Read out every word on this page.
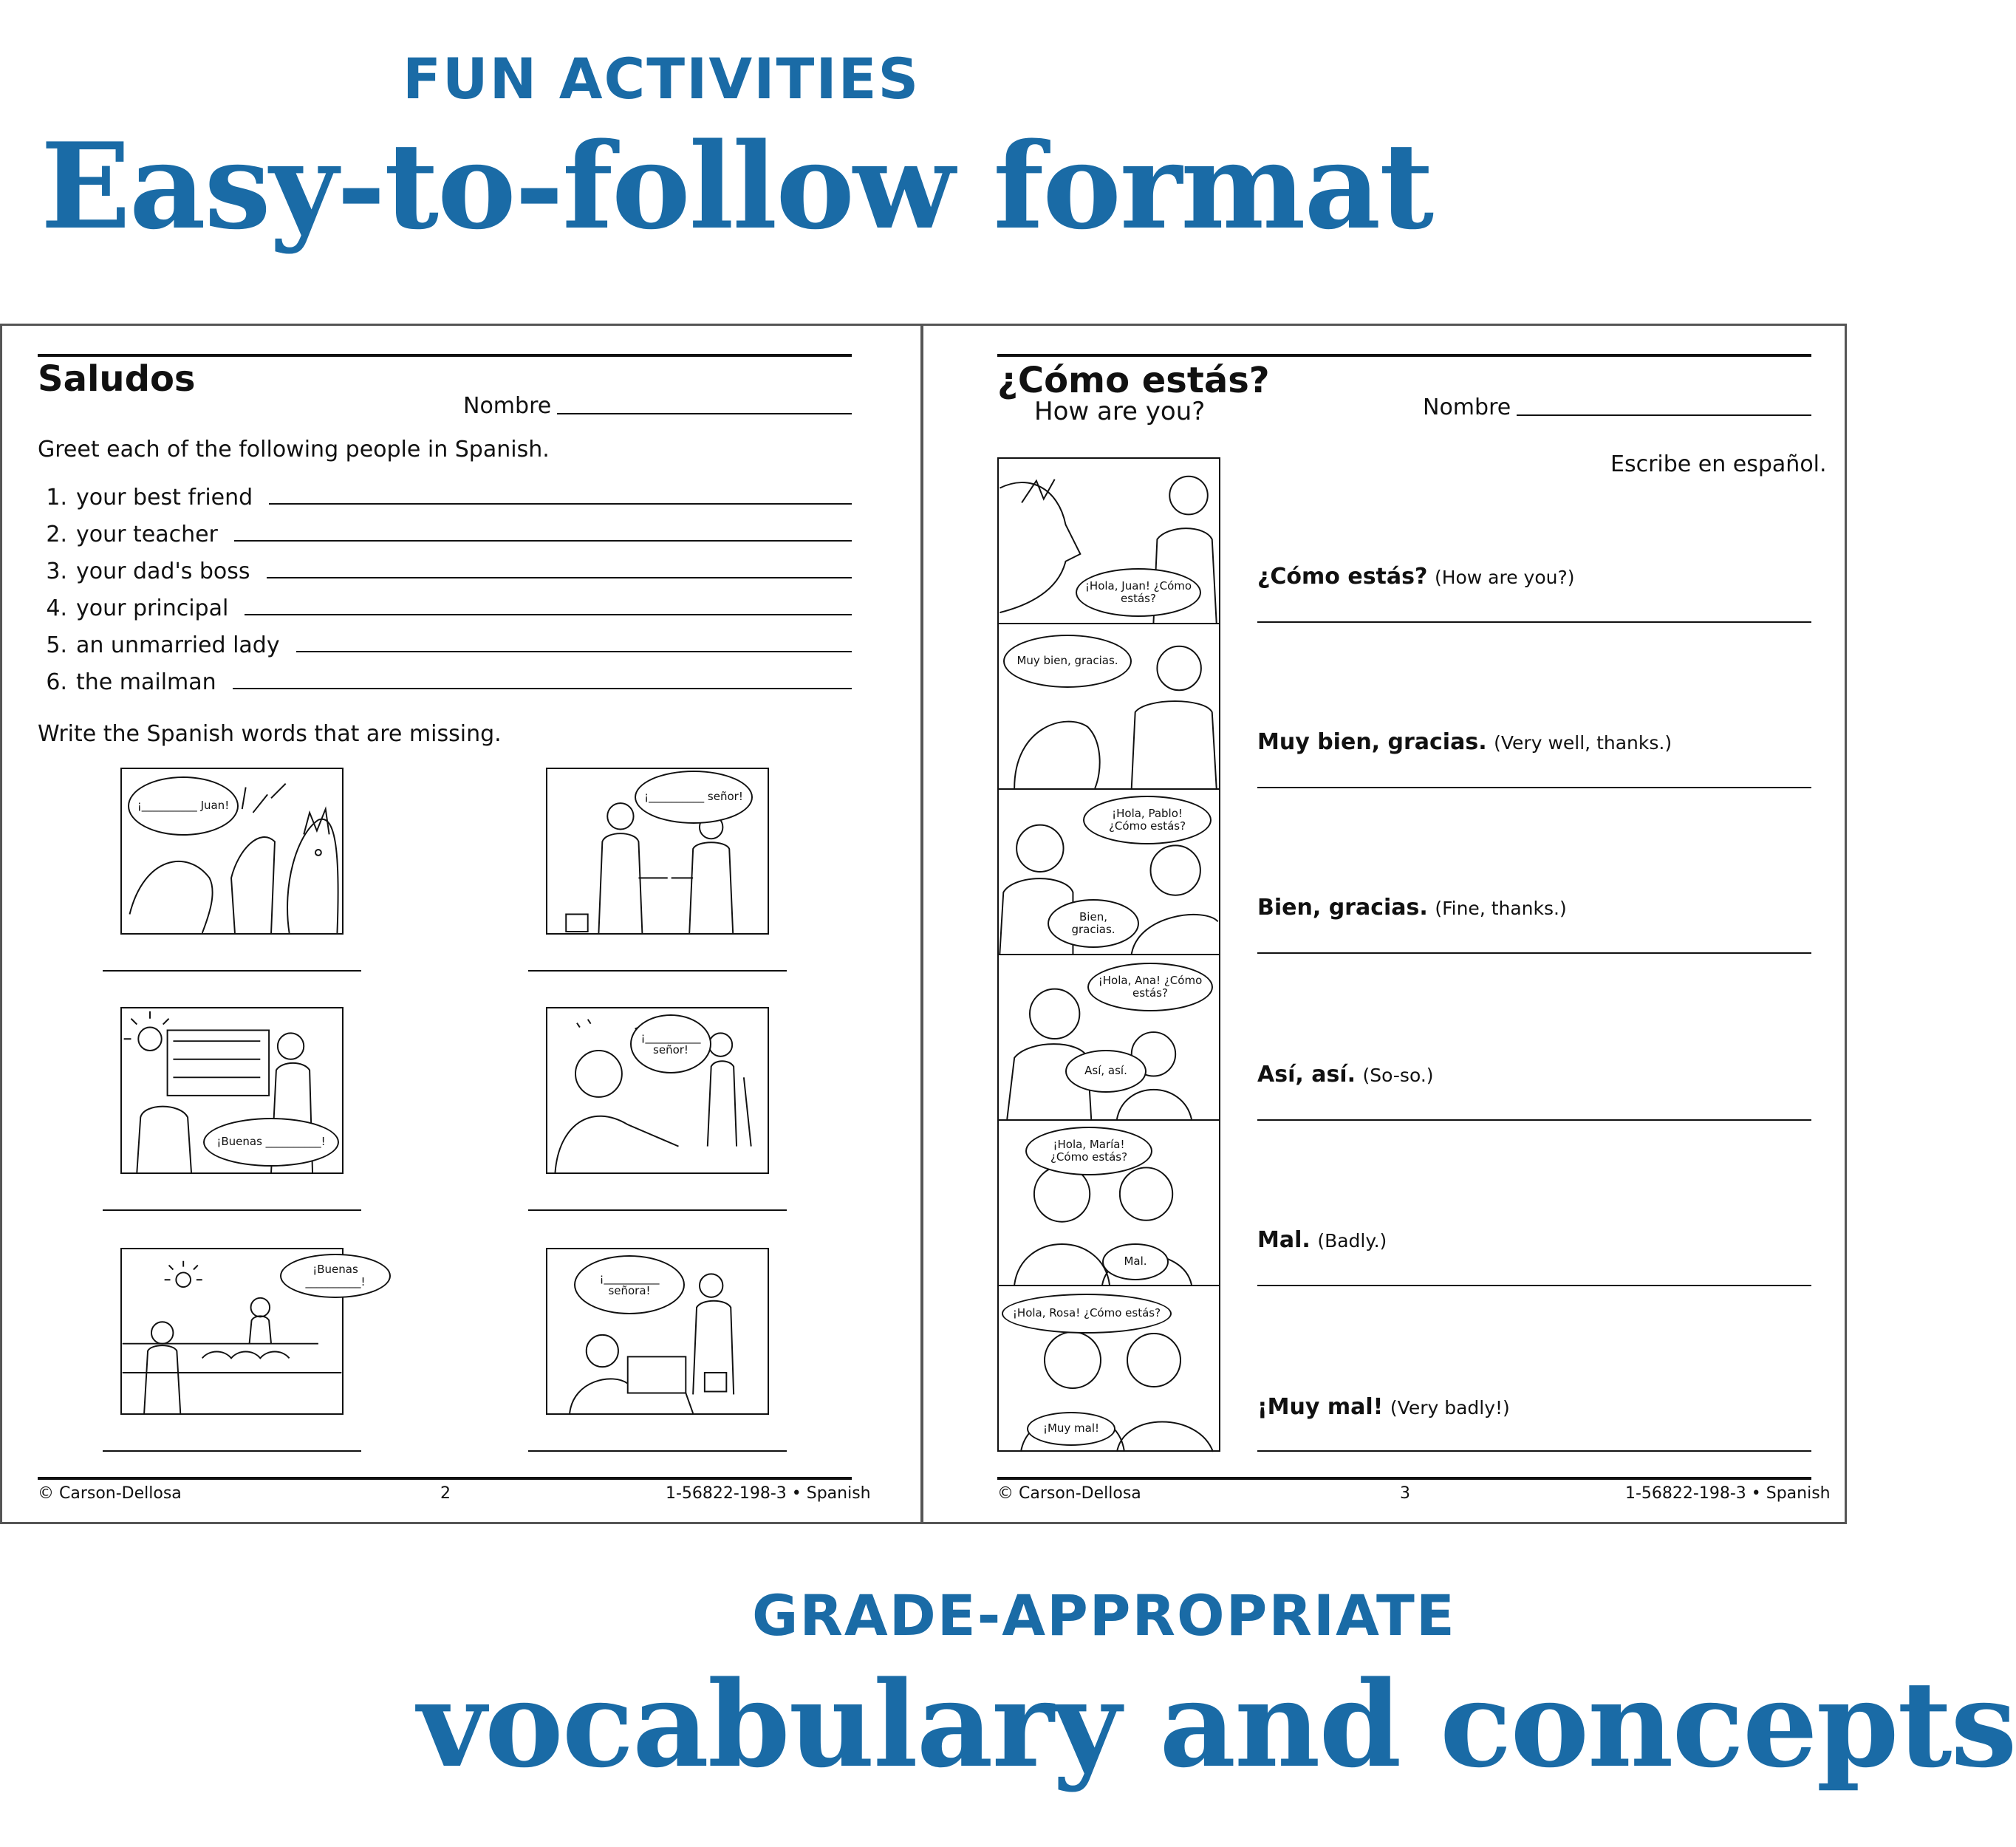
FUN ACTIVITIES
Easy-to-follow format
GRADE-APPROPRIATE
vocabulary and concepts
Saludos
Nombre
Greet each of the following people in Spanish.
1. your best friend
2. your teacher
3. your dad's boss
4. your principal
5. an unmarried lady
6. the mailman
Write the Spanish words that are missing.
¡__________ Juan!
¡__________ señor!
¡Buenas __________!
¡__________ señor!
¡Buenas __________!	¡__________ señora!
© Carson-Dellosa	2	1-56822-198-3 • Spanish
¿Cómo estás?
How are you?	Nombre
Escribe en español.
¡Hola, Juan! ¿Cómo estás?
Muy bien, gracias.
¡Hola, Pablo! ¿Cómo estás?
Bien, gracias.
¡Hola, Ana! ¿Cómo estás?
Así, así.
¡Hola, María! ¿Cómo estás?
Mal.
¡Hola, Rosa! ¿Cómo estás?
¡Muy mal!
¿Cómo estás? (How are you?)
Muy bien, gracias. (Very well, thanks.)
Bien, gracias. (Fine, thanks.)
Así, así. (So-so.)
Mal. (Badly.)
¡Muy mal! (Very badly!)
© Carson-Dellosa	3	1-56822-198-3 • Spanish
